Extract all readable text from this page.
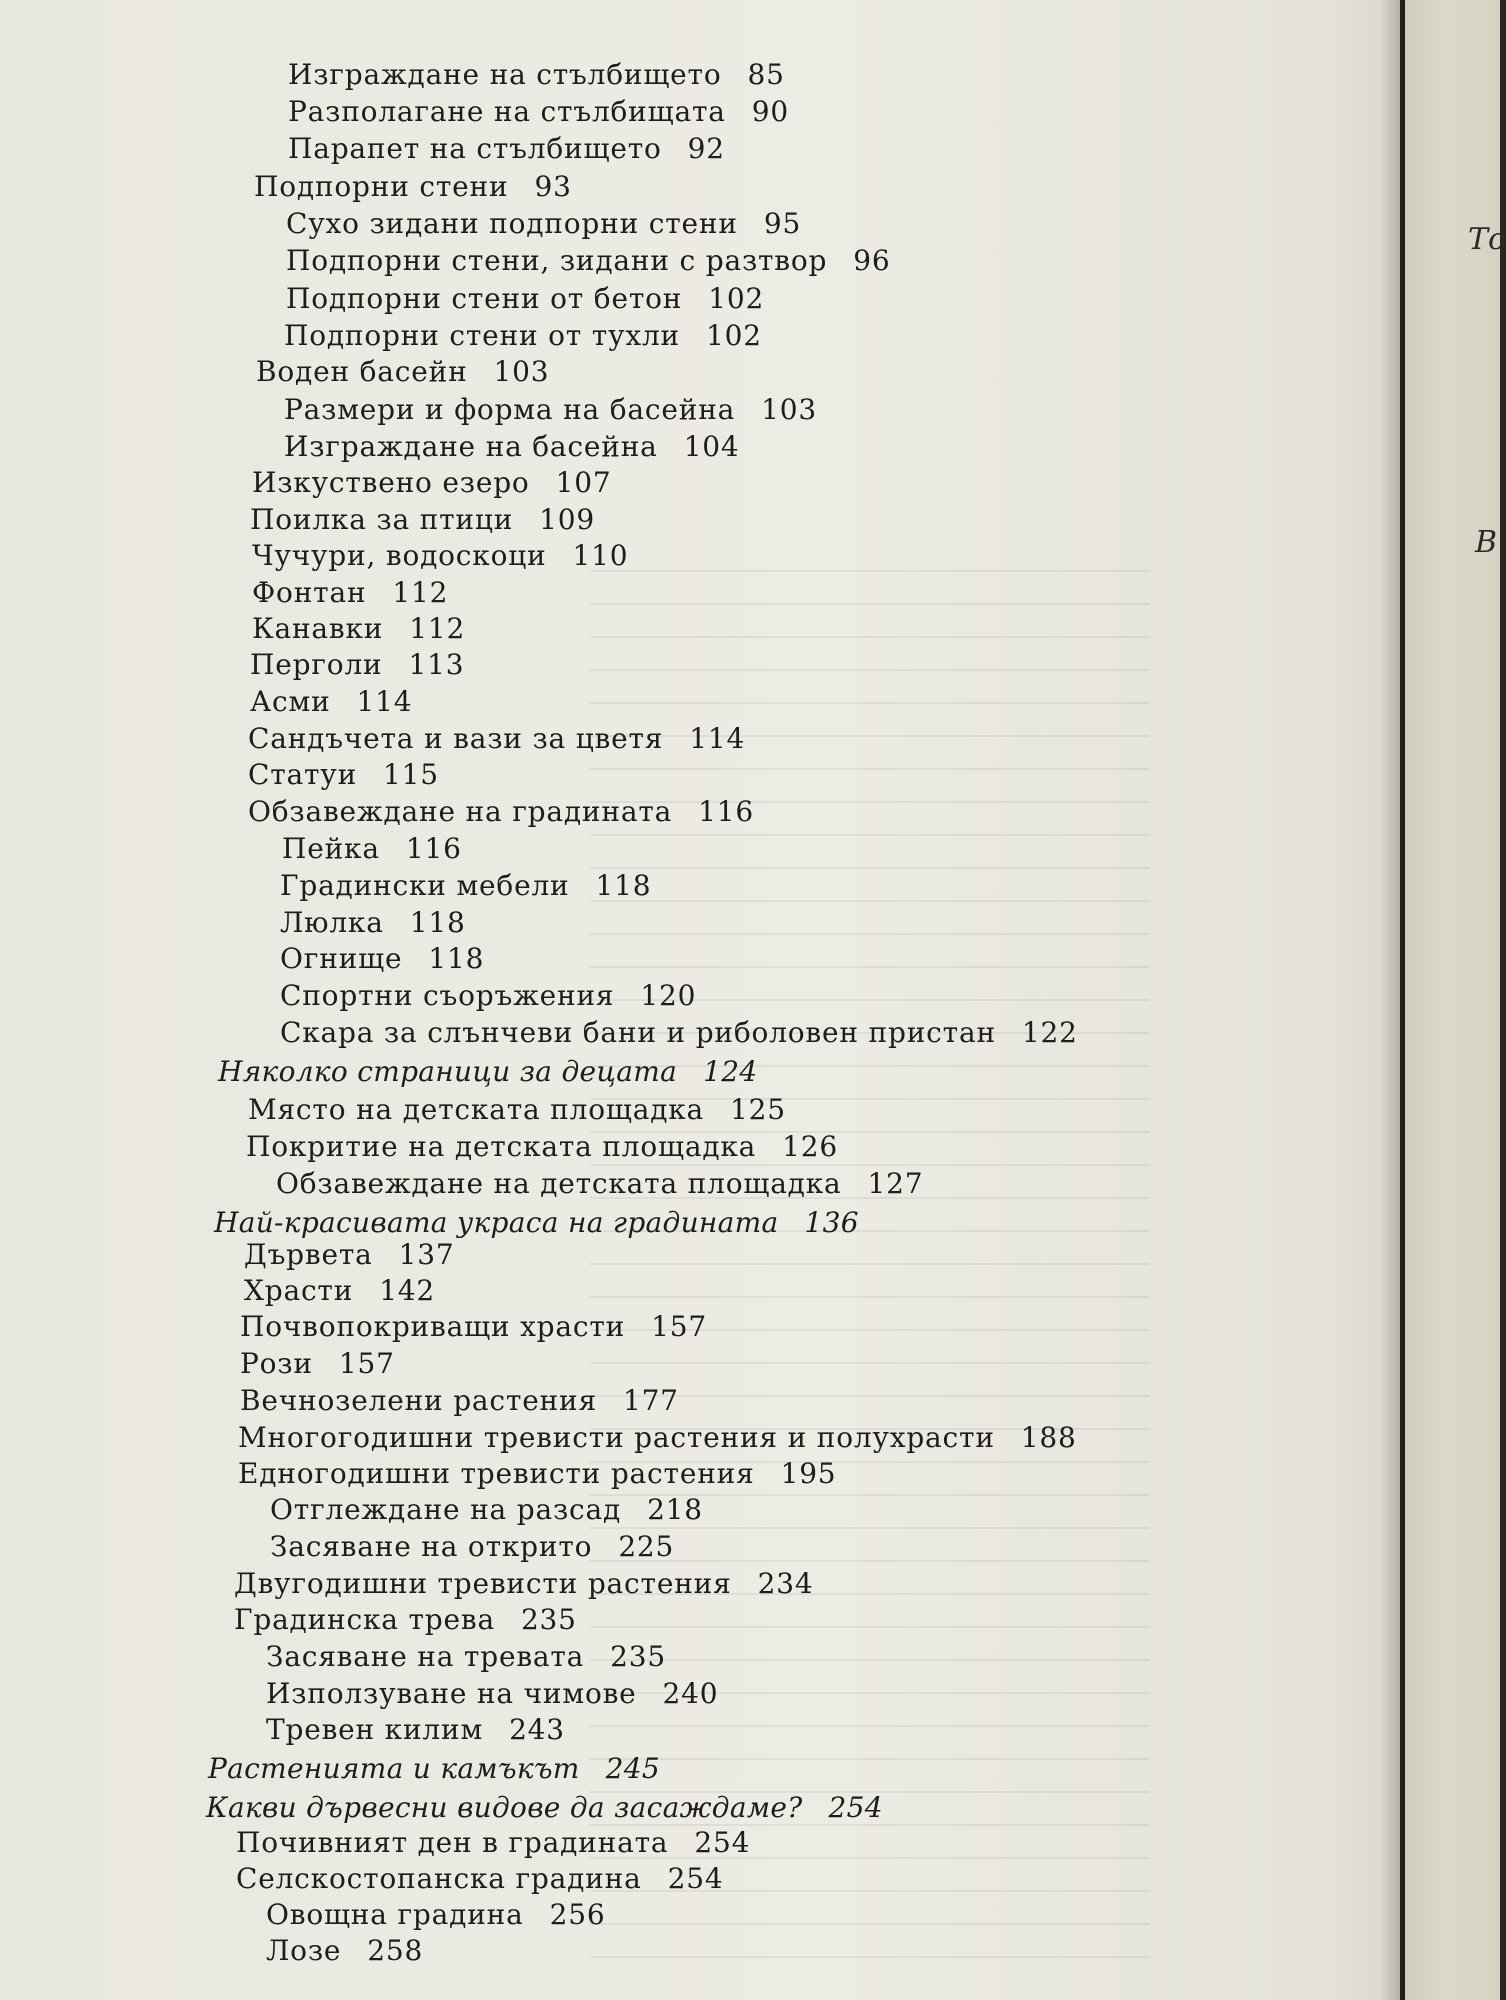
То
В
Изграждане на стълбището 85
Разполагане на стълбищата 90
Парапет на стълбището 92
Подпорни стени 93
Сухо зидани подпорни стени 95
Подпорни стени, зидани с разтвор 96
Подпорни стени от бетон 102
Подпорни стени от тухли 102
Воден басейн 103
Размери и форма на басейна 103
Изграждане на басейна 104
Изкуствено езеро 107
Поилка за птици 109
Чучури, водоскоци 110
Фонтан 112
Канавки 112
Перголи 113
Асми 114
Сандъчета и вази за цветя 114
Статуи 115
Обзавеждане на градината 116
Пейка 116
Градински мебели 118
Люлка 118
Огнище 118
Спортни съоръжения 120
Скара за слънчеви бани и риболовен пристан 122
Няколко страници за децата 124
Място на детската площадка 125
Покритие на детската площадка 126
Обзавеждане на детската площадка 127
Най-красивата украса на градината 136
Дървета 137
Храсти 142
Почвопокриващи храсти 157
Рози 157
Вечнозелени растения 177
Многогодишни тревисти растения и полухрасти 188
Едногодишни тревисти растения 195
Отглеждане на разсад 218
Засяване на открито 225
Двугодишни тревисти растения 234
Градинска трева 235
Засяване на тревата 235
Използуване на чимове 240
Тревен килим 243
Растенията и камъкът 245
Какви дървесни видове да засаждаме? 254
Почивният ден в градината 254
Селскостопанска градина 254
Овощна градина 256
Лозе 258
